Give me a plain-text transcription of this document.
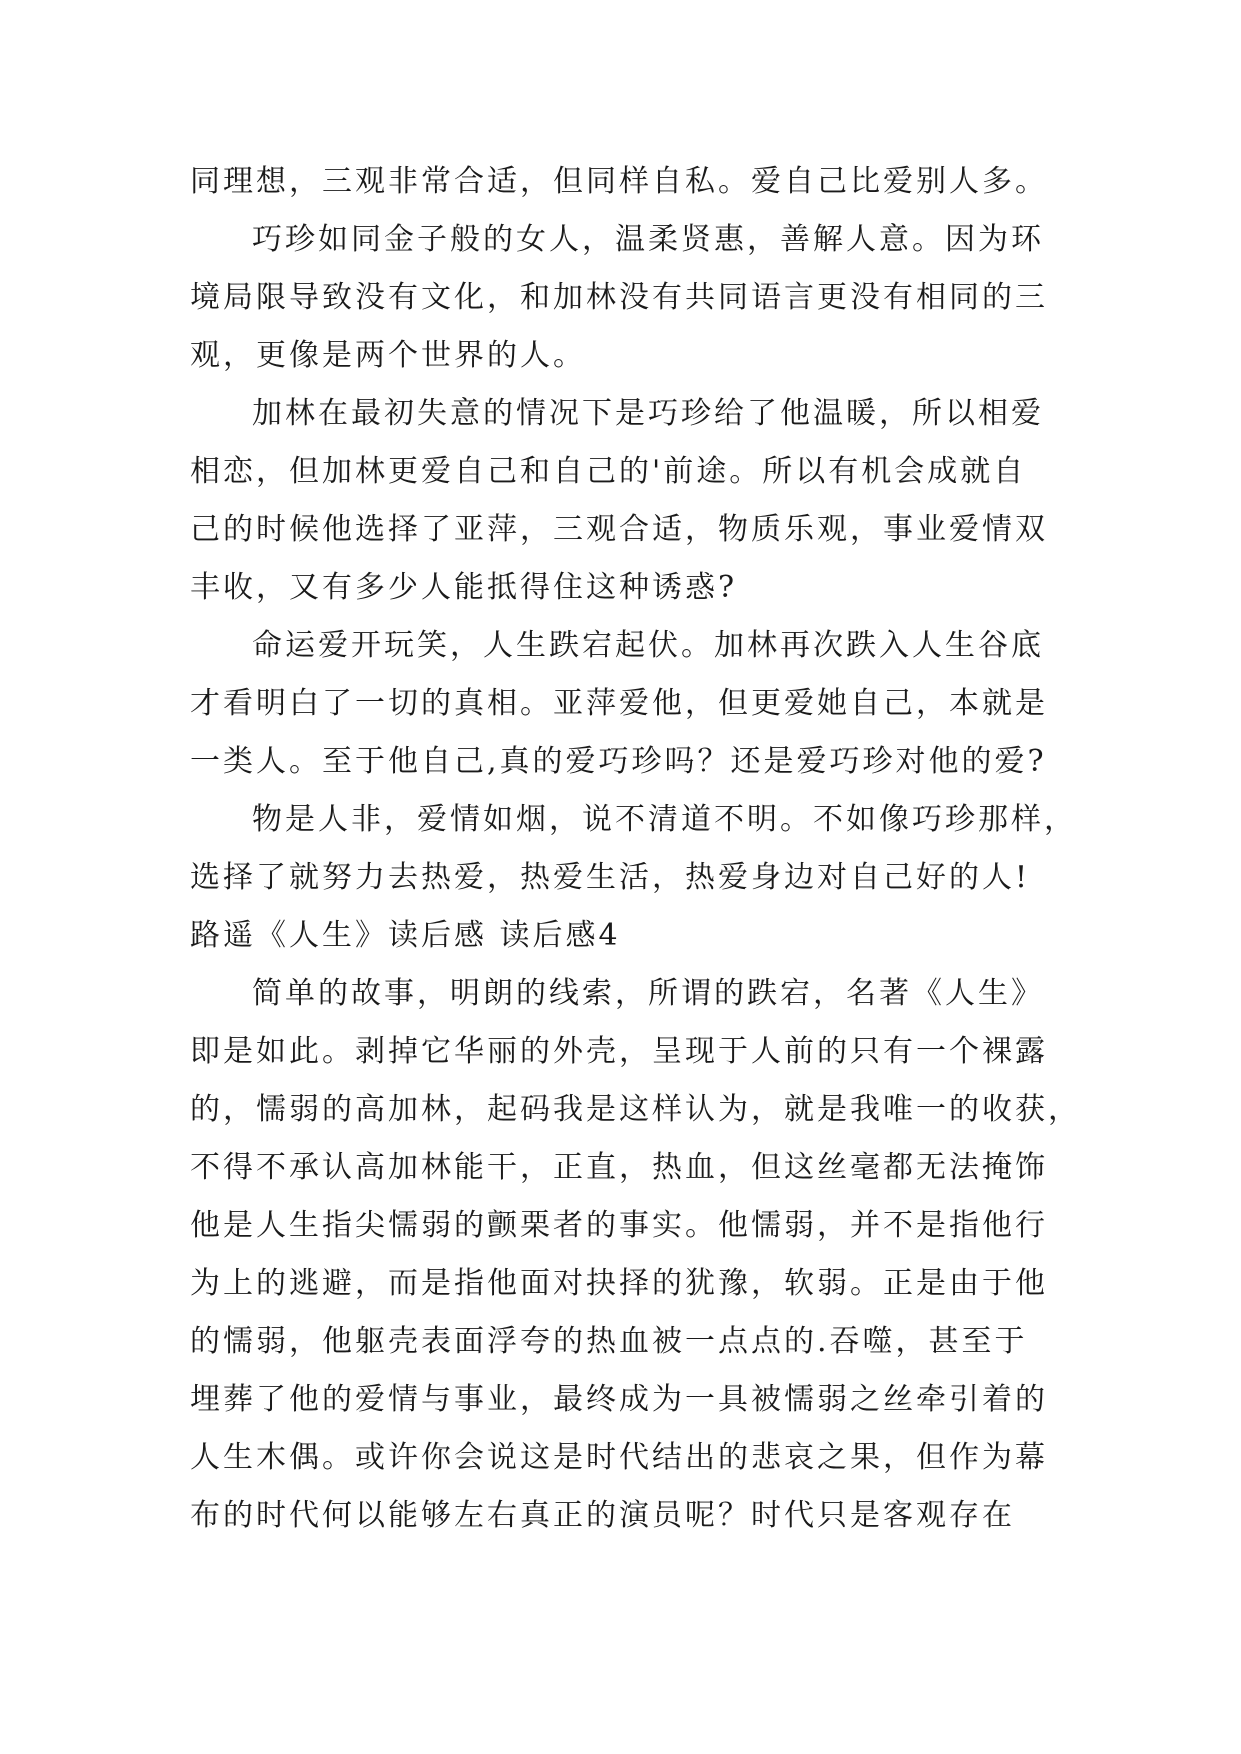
同理想，三观非常合适，但同样自私。爱自己比爱别人多。
巧珍如同金子般的女人，温柔贤惠，善解人意。因为环
境局限导致没有文化，和加林没有共同语言更没有相同的三
观，更像是两个世界的人。
加林在最初失意的情况下是巧珍给了他温暖，所以相爱
相恋，但加林更爱自己和自己的'前途。所以有机会成就自
己的时候他选择了亚萍，三观合适，物质乐观，事业爱情双
丰收，又有多少人能抵得住这种诱惑?
命运爱开玩笑，人生跌宕起伏。加林再次跌入人生谷底
才看明白了一切的真相。亚萍爱他，但更爱她自己，本就是
一类人。至于他自己,真的爱巧珍吗？还是爱巧珍对他的爱?
物是人非，爱情如烟，说不清道不明。不如像巧珍那样，
选择了就努力去热爱，热爱生活，热爱身边对自己好的人!
路遥《人生》读后感 读后感4
简单的故事，明朗的线索，所谓的跌宕，名著《人生》
即是如此。剥掉它华丽的外壳，呈现于人前的只有一个裸露
的，懦弱的高加林，起码我是这样认为，就是我唯一的收获，
不得不承认高加林能干，正直，热血，但这丝毫都无法掩饰
他是人生指尖懦弱的颤栗者的事实。他懦弱，并不是指他行
为上的逃避，而是指他面对抉择的犹豫，软弱。正是由于他
的懦弱，他躯壳表面浮夸的热血被一点点的.吞噬，甚至于
埋葬了他的爱情与事业，最终成为一具被懦弱之丝牵引着的
人生木偶。或许你会说这是时代结出的悲哀之果，但作为幕
布的时代何以能够左右真正的演员呢？时代只是客观存在
